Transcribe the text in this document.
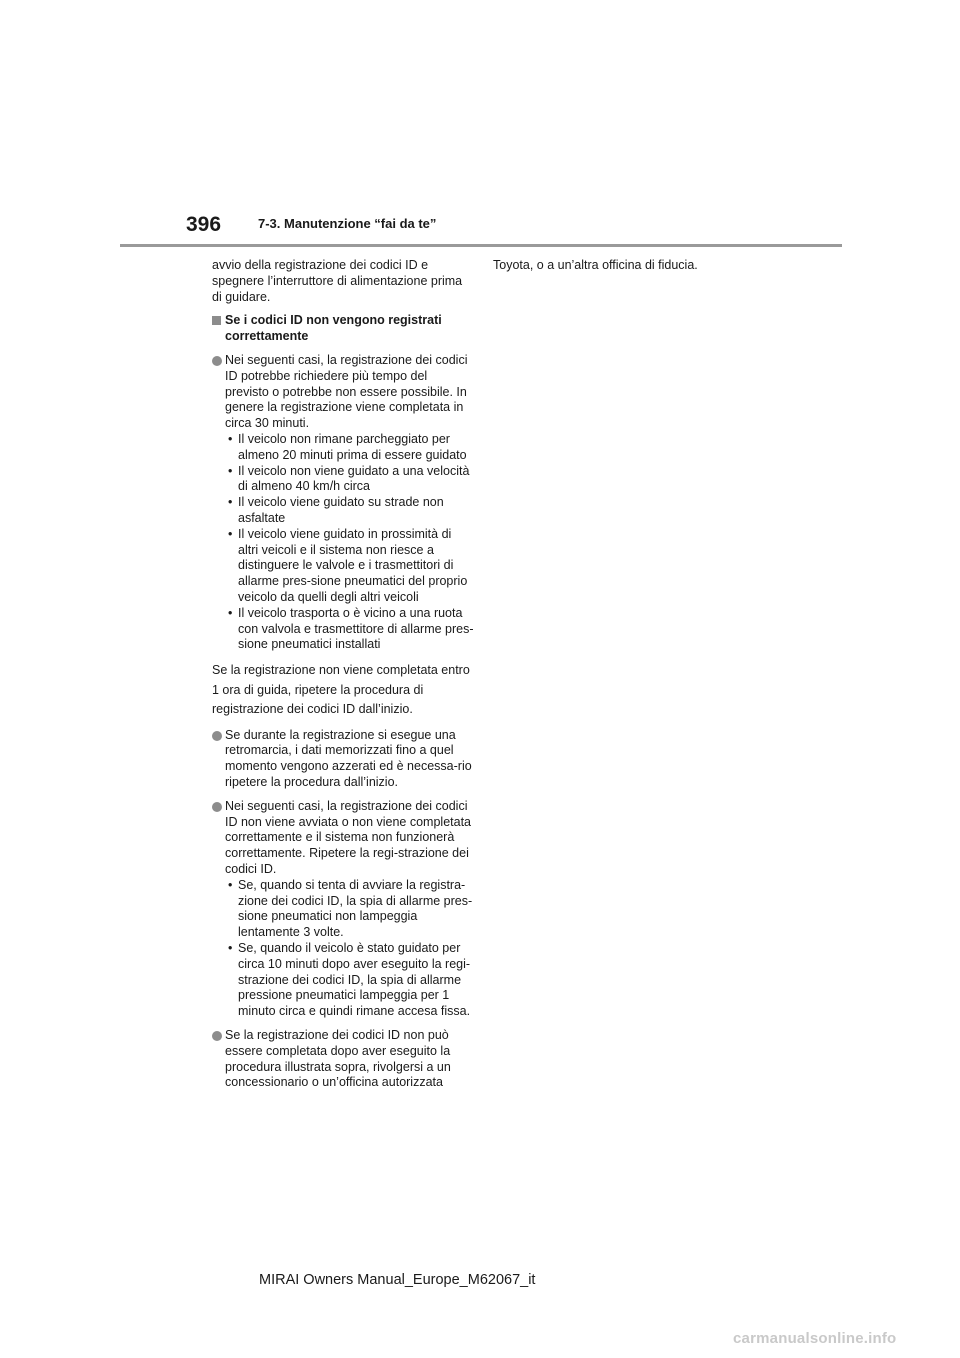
396	7-3. Manutenzione “fai da te”
avvio della registrazione dei codici ID e spegnere l’interruttore di alimentazione prima di guidare.
Se i codici ID non vengono registrati correttamente
Nei seguenti casi, la registrazione dei codici ID potrebbe richiedere più tempo del previsto o potrebbe non essere possibile. In genere la registrazione viene completata in circa 30 minuti.
• Il veicolo non rimane parcheggiato per almeno 20 minuti prima di essere guidato
• Il veicolo non viene guidato a una velocità di almeno 40 km/h circa
• Il veicolo viene guidato su strade non asfaltate
• Il veicolo viene guidato in prossimità di altri veicoli e il sistema non riesce a distinguere le valvole e i trasmettitori di allarme pres-sione pneumatici del proprio veicolo da quelli degli altri veicoli
• Il veicolo trasporta o è vicino a una ruota con valvola e trasmettitore di allarme pres-sione pneumatici installati
Se la registrazione non viene completata entro 1 ora di guida, ripetere la procedura di registrazione dei codici ID dall’inizio.
Se durante la registrazione si esegue una retromarcia, i dati memorizzati fino a quel momento vengono azzerati ed è necessa-rio ripetere la procedura dall’inizio.
Nei seguenti casi, la registrazione dei codici ID non viene avviata o non viene completata correttamente e il sistema non funzionerà correttamente. Ripetere la regi-strazione dei codici ID.
• Se, quando si tenta di avviare la registra-zione dei codici ID, la spia di allarme pres-sione pneumatici non lampeggia lentamente 3 volte.
• Se, quando il veicolo è stato guidato per circa 10 minuti dopo aver eseguito la regi-strazione dei codici ID, la spia di allarme pressione pneumatici lampeggia per 1 minuto circa e quindi rimane accesa fissa.
Se la registrazione dei codici ID non può essere completata dopo aver eseguito la procedura illustrata sopra, rivolgersi a un concessionario o un’officina autorizzata
Toyota, o a un’altra officina di fiducia.
MIRAI Owners Manual_Europe_M62067_it
carmanualsonline.info
